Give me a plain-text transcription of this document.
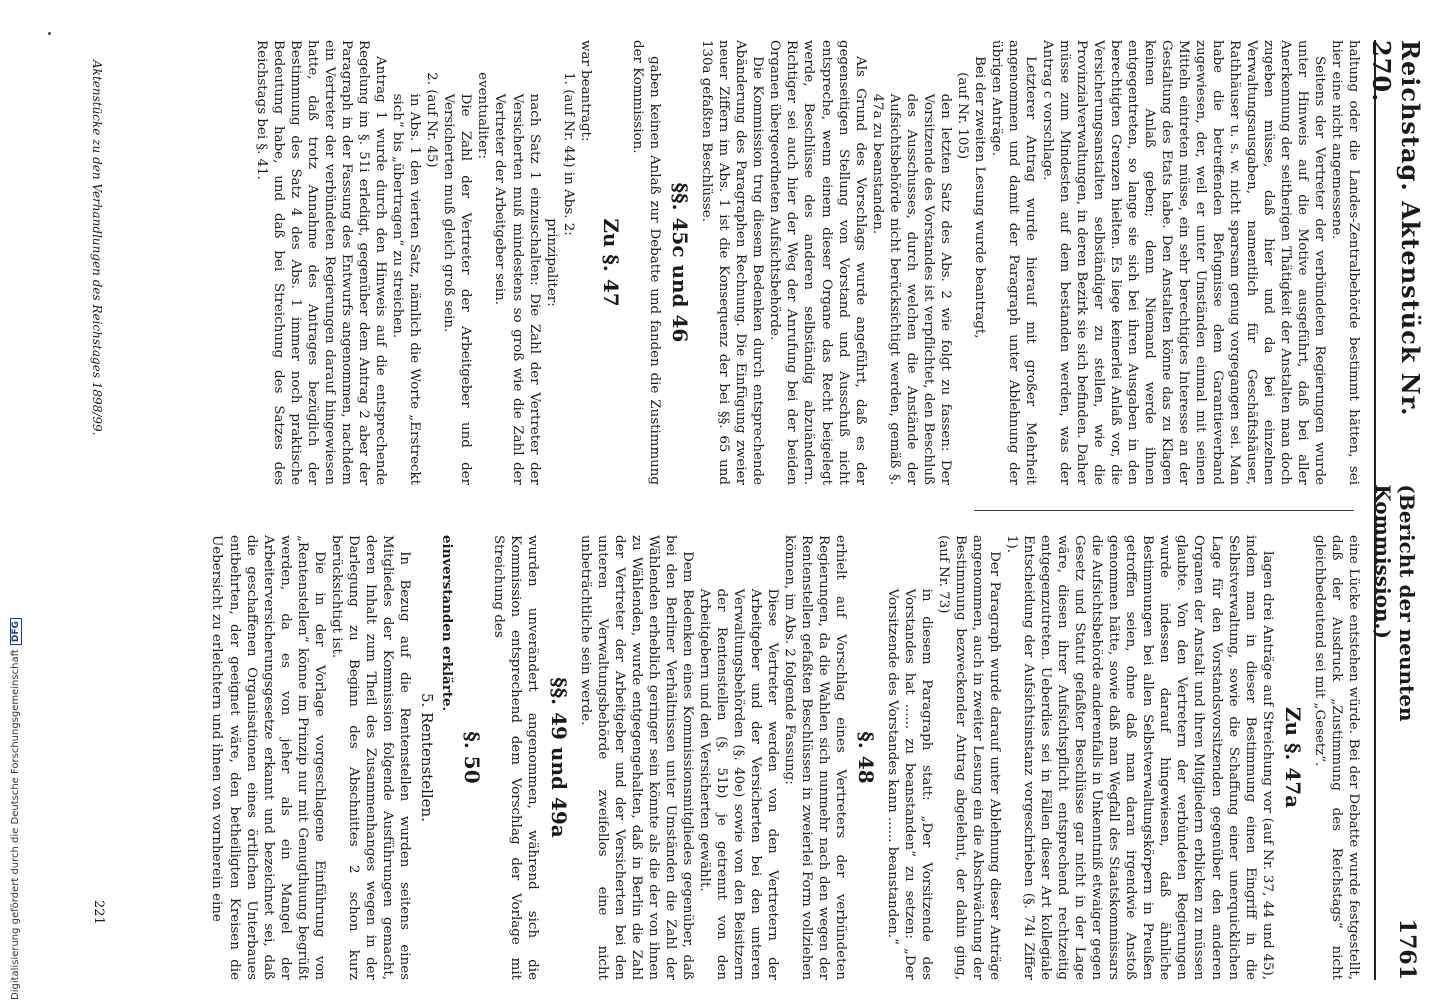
Reichstag. Aktenstück Nr. 270.
(Bericht der neunten Kommission.)
1761

haltung oder die Landes-Zentralbehörde bestimmt hätten, sei hier eine nicht angemessene.

Seitens der Vertreter der verbündeten Regierungen wurde unter Hinweis auf die Motive ausgeführt, daß bei aller Anerkennung der seitherigen Thätigkeit der Anstalten man doch zugeben müsse, daß hier und da bei einzelnen Verwaltungsausgaben, namentlich für Geschäftshäuser, Rathhäuser u. s. w. nicht sparsam genug vorgegangen sei. Man habe die betreffenden Befugnisse dem Garantieverband zugewiesen, der, weil er unter Umständen einmal mit seinen Mitteln eintreten müsse, ein sehr berechtigtes Interesse an der Gestaltung des Etats habe. Den Anstalten könne das zu Klagen keinen Anlaß geben; denn Niemand werde ihnen entgegentreten, so lange sie sich bei ihren Ausgaben in den berechtigten Grenzen hielten. Es liege keinerlei Anlaß vor, die Versicherungsanstalten selbständiger zu stellen, wie die Provinzialverwaltungen, in deren Bezirk sie sich befinden. Daher müsse zum Mindesten auf dem bestanden werden, was der Antrag c vorschlage.

Letzterer Antrag wurde hierauf mit großer Mehrheit angenommen und damit der Paragraph unter Ablehnung der übrigen Anträge.

Bei der zweiten Lesung wurde beantragt,

(auf Nr. 105)

den letzten Satz des Abs. 2 wie folgt zu fassen: Der Vorsitzende des Vorstandes ist verpflichtet, den Beschluß des Ausschusses, durch welchen die Anstände der Aufsichtsbehörde nicht berücksichtigt werden, gemäß §. 47a zu beanstanden.

Als Grund des Vorschlags wurde angeführt, daß es der gegenseitigen Stellung von Vorstand und Ausschuß nicht entspreche, wenn einem dieser Organe das Recht beigelegt werde, Beschlüsse des anderen selbständig abzuändern. Richtiger sei auch hier der Weg der Anrufung bei der beiden Organen übergeordneten Aufsichtsbehörde.

Die Kommission trug diesem Bedenken durch entsprechende Abänderung des Paragraphen Rechnung. Die Einfügung zweier neuer Ziffern im Abs. 1 ist die Konsequenz der bei §§. 65 und 130a gefaßten Beschlüsse.

§§. 45c und 46

gaben keinen Anlaß zur Debatte und fanden die Zustimmung der Kommission.

Zu §. 47

war beantragt:

1. (auf Nr. 44) in Abs. 2:

prinzipaliter:

nach Satz 1 einzuschalten: Die Zahl der Vertreter der Versicherten muß mindestens so groß wie die Zahl der Vertreter der Arbeitgeber sein.

eventualiter:

Die Zahl der Vertreter der Arbeitgeber und der Versicherten muß gleich groß sein.

2. (auf Nr. 45)

in Abs. 1 den vierten Satz, nämlich die Worte „Erstreckt sich“ bis „übertragen“ zu streichen.

Antrag 1 wurde durch den Hinweis auf die entsprechende Regelung im §. 51i erledigt, gegenüber dem Antrag 2 aber der Paragraph in der Fassung des Entwurfs angenommen, nachdem ein Vertreter der verbündeten Regierungen darauf hingewiesen hatte, daß trotz Annahme des Antrages bezüglich der Bestimmung des Satz 4 des Abs. 1 immer noch praktische Bedeutung habe, und daß bei Streichung des Satzes des Reichstags bei §. 41.

eine Lücke entstehen würde. Bei der Debatte wurde festgestellt, daß der Ausdruck „Zustimmung des Reichstags“ nicht gleichbedeutend sei mit „Gesetz“.

Zu §. 47a

lagen drei Anträge auf Streichung vor (auf Nr. 37, 44 und 45), indem man in dieser Bestimmung einen Eingriff in die Selbstverwaltung, sowie die Schaffung einer unerquicklichen Lage für den Vorstandsvorsitzenden gegenüber den anderen Organen der Anstalt und ihren Mitgliedern erblicken zu müssen glaubte. Von den Vertretern der verbündeten Regierungen wurde indessen darauf hingewiesen, daß ähnliche Bestimmungen bei allen Selbstverwaltungskörpern in Preußen getroffen seien, ohne daß man daran irgendwie Anstoß genommen hätte, sowie daß man Wegfall des Staatskommissars die Aufsichtsbehörde anderenfalls in Unkenntniß etwaiger gegen Gesetz und Statut gefaßter Beschlüsse gar nicht in der Lage wäre, diesen ihrer Aufsichtspflicht entsprechend rechtzeitig entgegenzutreten. Ueberdies sei in Fällen dieser Art kollegiale Entscheidung der Aufsichtsinstanz vorgeschrieben (§. 74i Ziffer 1).

Der Paragraph wurde darauf unter Ablehnung dieser Anträge angenommen, auch in zweiter Lesung ein die Abschwächung der Bestimmung bezweckender Antrag abgelehnt, der dahin ging, (auf Nr. 73)

in diesem Paragraph statt: „Der Vorsitzende des Vorstandes hat ...... zu beanstanden“ zu setzen: „Der Vorsitzende des Vorstandes kann ...... beanstanden.“

§. 48

erhielt auf Vorschlag eines Vertreters der verbündeten Regierungen, da die Wahlen sich nunmehr nach den wegen der Rentenstellen gefaßten Beschlüssen in zweierlei Form vollziehen können, im Abs. 2 folgende Fassung:

Diese Vertreter werden von den Vertretern der Arbeitgeber und der Versicherten bei den unteren Verwaltungsbehörden (§. 40e) sowie von den Beisitzern der Rentenstellen (§. 51b) je getrennt von den Arbeitgebern und den Versicherten gewählt.

Dem Bedenken eines Kommissionsmitgliedes gegenüber, daß bei den Berliner Verhältnissen unter Umständen die Zahl der Wählenden erheblich geringer sein könnte als die der von ihnen zu Wählenden, wurde entgegengehalten, daß in Berlin die Zahl der Vertreter der Arbeitgeber und der Versicherten bei den unteren Verwaltungsbehörde zweifellos eine nicht unbeträchtliche sein werde.

§§. 49 und 49a

wurden unverändert angenommen, während sich die Kommission entsprechend dem Vorschlag der Vorlage mit Streichung des

§. 50

einverstanden erklärte.

5. Rentenstellen.

In Bezug auf die Rentenstellen wurden seitens eines Mitgliedes der Kommission folgende Ausführungen gemacht, deren Inhalt zum Theil des Zusammenhanges wegen in der Darlegung zu Beginn des Abschnittes 2 schon kurz berücksichtigt ist.

Die in der Vorlage vorgeschlagene Einführung von „Rentenstellen“ könne im Prinzip nur mit Genugthuung begrüßt werden, da es von jeher als ein Mangel der Arbeiterversicherungsgesetze erkannt und bezeichnet sei, daß die geschaffenen Organisationen eines örtlichen Unterbaues entbehrten, der geeignet wäre, den betheiligten Kreisen die Uebersicht zu erleichtern und ihnen von vornherein eine

Aktenstücke zu den Verhandlungen des Reichstages 1898/99.
221
Digitalisierung gefördert durch die Deutsche ForschungsgemeinschaftDFG
